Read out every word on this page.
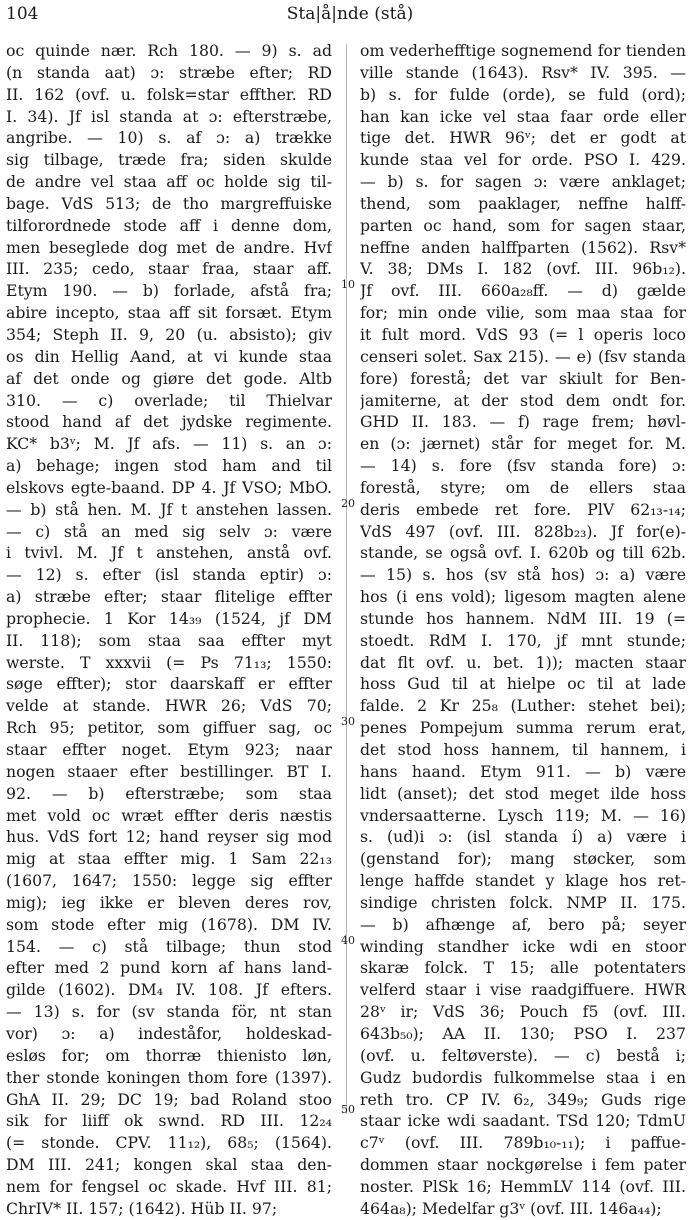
104	Sta|å|nde (stå)
oc quinde nær. Rch 180. — 9) s. ad
(n standa aat) ɔ: stræbe efter; RD
II. 162 (ovf. u. folsk=star effther. RD
I. 34). Jf isl standa at ɔ: efterstræbe,
angribe. — 10) s. af ɔ: a) trække
sig tilbage, træde fra; siden skulde
de andre vel staa aff oc holde sig til-
bage. VdS 513; de tho margreffuiske
tilforordnede stode aff i denne dom,
men beseglede dog met de andre. Hvf
III. 235; cedo, staar fraa, staar aff.
Etym 190. — b) forlade, afstå fra;
abire incepto, staa aff sit forsæt. Etym
354; Steph II. 9, 20 (u. absisto); giv
os din Hellig Aand, at vi kunde staa
af det onde og giøre det gode. Altb
310. — c) overlade; til Thielvar
stood hand af det jydske regimente.
KC* b3ᵛ; M. Jf afs. — 11) s. an ɔ:
a) behage; ingen stod ham and til
elskovs egte-baand. DP 4. Jf VSO; MbO.
— b) stå hen. M. Jf t anstehen lassen.
— c) stå an med sig selv ɔ: være
i tvivl. M. Jf t anstehen, anstå ovf.
— 12) s. efter (isl standa eptir) ɔ:
a) stræbe efter; staar flitelige effter
prophecie. 1 Kor 14₃₉ (1524, jf DM
II. 118); som staa saa effter myt
werste. T xxxvii (= Ps 71₁₃; 1550:
søge effter); stor daarskaff er effter
velde at stande. HWR 26; VdS 70;
Rch 95; petitor, som giffuer sag, oc
staar effter noget. Etym 923; naar
nogen staaer efter bestillinger. BT I.
92. — b) efterstræbe; som staa
met vold oc wræt effter deris næstis
hus. VdS fort 12; hand reyser sig mod
mig at staa effter mig. 1 Sam 22₁₃
(1607, 1647; 1550: legge sig effter
mig); ieg ikke er bleven deres rov,
som stode efter mig (1678). DM IV.
154. — c) stå tilbage; thun stod
efter med 2 pund korn af hans land-
gilde (1602). DM₄ IV. 108. Jf efters.
— 13) s. for (sv standa för, nt stan
vor) ɔ: a) indeståfor, holdeskad-
esløs for; om thorræ thienisto løn,
ther stonde koningen thom fore (1397).
GhA II. 29; DC 19; bad Roland stoo
sik for liiff ok swnd. RD III. 12₂₄
(= stonde. CPV. 11₁₂), 68₅; (1564).
DM III. 241; kongen skal staa den-
nem for fengsel oc skade. Hvf III. 81;
ChrIV* II. 157; (1642). Hüb II. 97;
om vederhefftige sognemend for tienden
ville stande (1643). Rsv* IV. 395. —
b) s. for fulde (orde), se fuld (ord);
han kan icke vel staa faar orde eller
tige det. HWR 96ᵛ; det er godt at
kunde staa vel for orde. PSO I. 429.
— b) s. for sagen ɔ: være anklaget;
thend, som paaklager, neffne halff-
parten oc hand, som for sagen staar,
neffne anden halffparten (1562). Rsv*
V. 38; DMs I. 182 (ovf. III. 96b₁₂).
Jf ovf. III. 660a₂₈ff. — d) gælde
for; min onde vilie, som maa staa for
it fult mord. VdS 93 (= l operis loco
censeri solet. Sax 215). — e) (fsv standa
fore) forestå; det var skiult for Ben-
jamiterne, at der stod dem ondt for.
GHD II. 183. — f) rage frem; høvl-
en (ɔ: jærnet) står for meget for. M.
— 14) s. fore (fsv standa fore) ɔ:
forestå, styre; om de ellers staa
deris embede ret fore. PlV 62₁₃-₁₄;
VdS 497 (ovf. III. 828b₂₃). Jf for(e)-
stande, se også ovf. I. 620b og till 62b.
— 15) s. hos (sv stå hos) ɔ: a) være
hos (i ens vold); ligesom magten alene
stunde hos hannem. NdM III. 19 (=
stoedt. RdM I. 170, jf mnt stunde;
dat flt ovf. u. bet. 1)); macten staar
hoss Gud til at hielpe oc til at lade
falde. 2 Kr 25₈ (Luther: stehet bei);
penes Pompejum summa rerum erat,
det stod hoss hannem, til hannem, i
hans haand. Etym 911. — b) være
lidt (anset); det stod meget ilde hoss
vndersaatterne. Lysch 119; M. — 16)
s. (ud)i ɔ: (isl standa í) a) være i
(genstand for); mang støcker, som
lenge haffde standet y klage hos ret-
sindige christen folck. NMP II. 175.
— b) afhænge af, bero på; seyer
winding standher icke wdi en stoor
skaræ folck. T 15; alle potentaters
velferd staar i vise raadgiffuere. HWR
28ᵛ ir; VdS 36; Pouch f5 (ovf. III.
643b₅₀); AA II. 130; PSO I. 237
(ovf. u. feltøverste). — c) bestå i;
Gudz budordis fulkommelse staa i en
reth tro. CP IV. 6₂, 349₉; Guds rige
staar icke wdi saadant. TSd 120; TdmU
c7ᵛ (ovf. III. 789b₁₀-₁₁); i paffue-
dommen staar nockgørelse i fem pater
noster. PlSk 16; HemmLV 114 (ovf. III.
464a₈); Medelfar g3ᵛ (ovf. III. 146a₄₄);
10
20
30
40
50
